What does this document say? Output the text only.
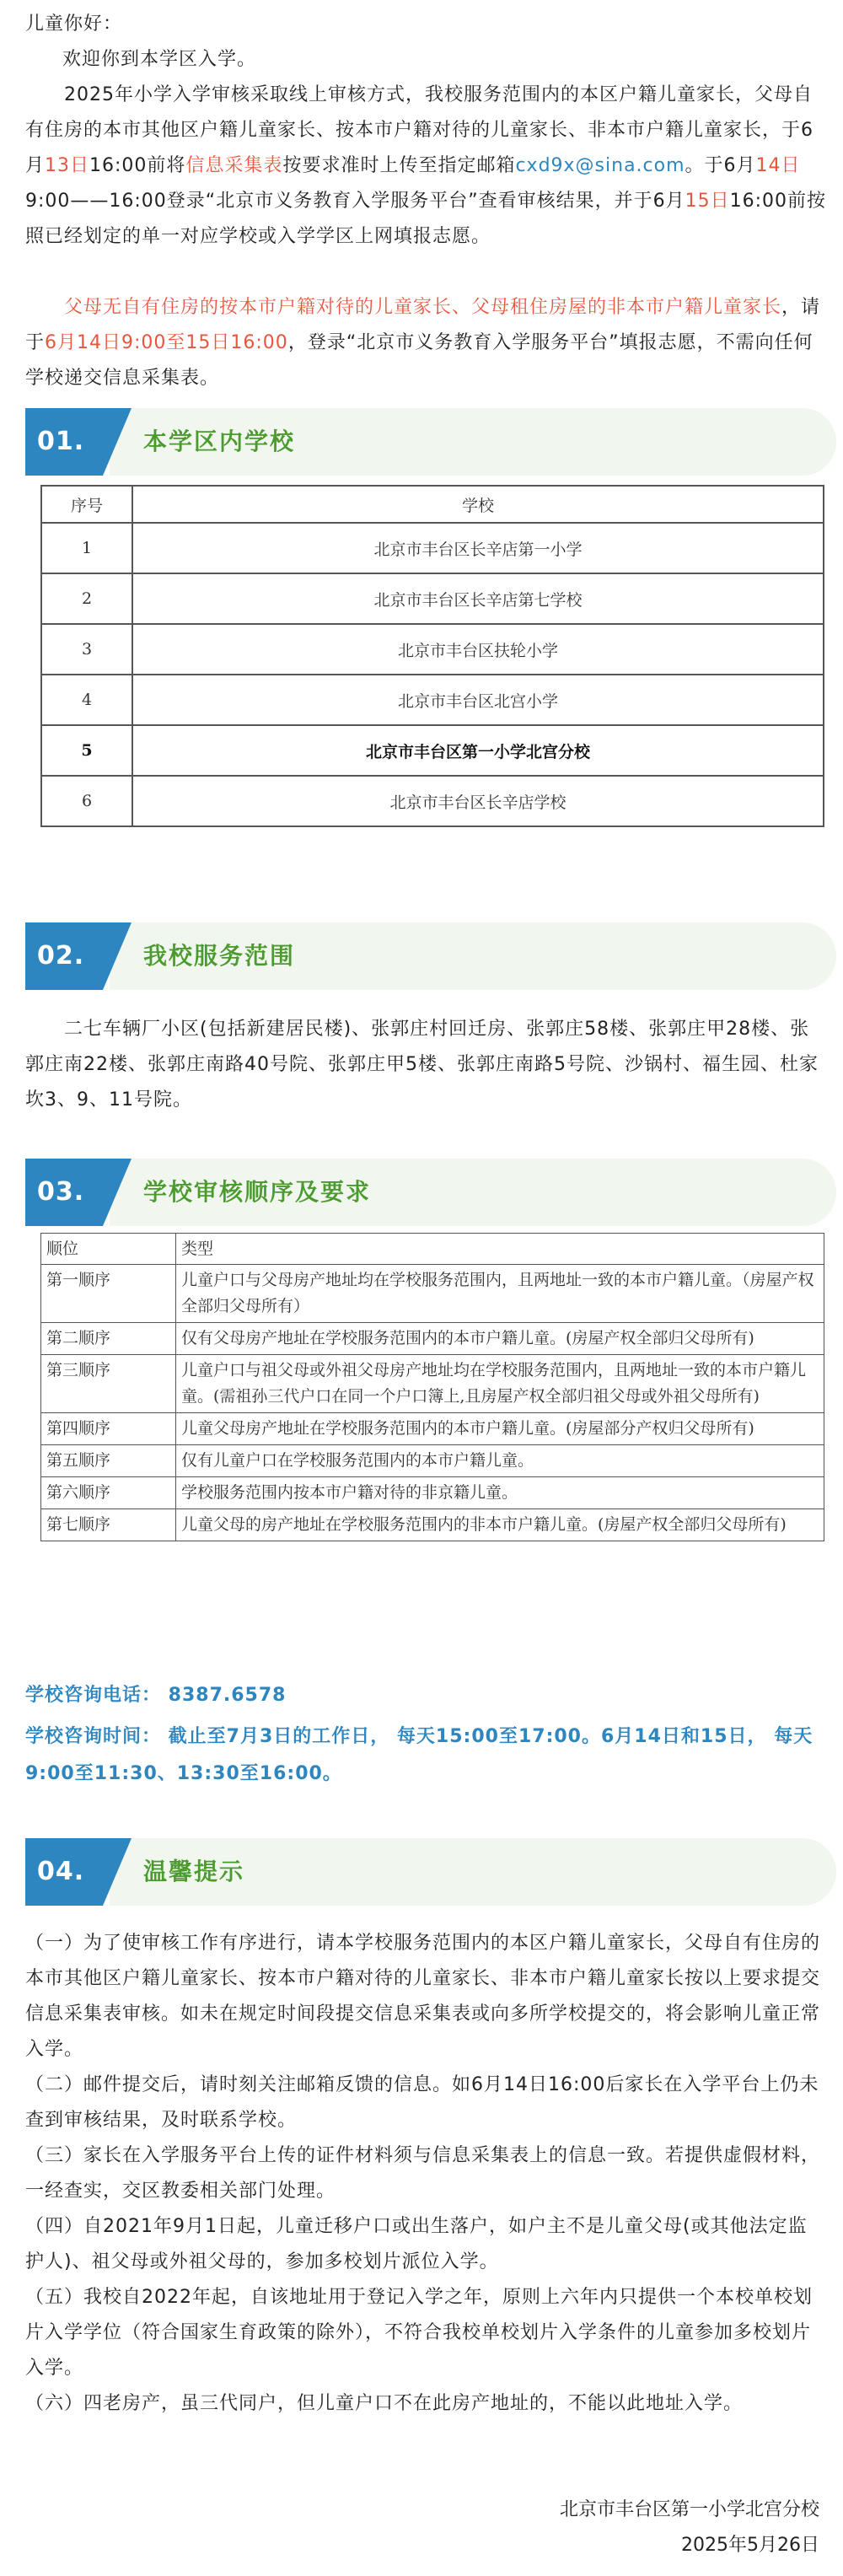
儿童你好：
欢迎你到本学区入学。
2025年小学入学审核采取线上审核方式，我校服务范围内的本区户籍儿童家长，父母自有住房的本市其他区户籍儿童家长、按本市户籍对待的儿童家长、非本市户籍儿童家长，于6月13日16:00前将信息采集表按要求准时上传至指定邮箱cxd9x@sina.com。于6月14日9:00——16:00登录“北京市义务教育入学服务平台”查看审核结果，并于6月15日16:00前按照已经划定的单一对应学校或入学学区上网填报志愿。
父母无自有住房的按本市户籍对待的儿童家长、父母租住房屋的非本市户籍儿童家长，请于6月14日9:00至15日16:00，登录“北京市义务教育入学服务平台”填报志愿，不需向任何学校递交信息采集表。
01.	本学区内学校
序号	学校
1	北京市丰台区长辛店第一小学
2	北京市丰台区长辛店第七学校
3	北京市丰台区扶轮小学
4	北京市丰台区北宫小学
5	北京市丰台区第一小学北宫分校
6	北京市丰台区长辛店学校
02.	我校服务范围
二七车辆厂小区(包括新建居民楼)、张郭庄村回迁房、张郭庄58楼、张郭庄甲28楼、张郭庄南22楼、张郭庄南路40号院、张郭庄甲5楼、张郭庄南路5号院、沙锅村、福生园、杜家坎3、9、11号院。
03.	学校审核顺序及要求
顺位	类型
第一顺序	儿童户口与父母房产地址均在学校服务范围内，且两地址一致的本市户籍儿童。（房屋产权全部归父母所有）
第二顺序	仅有父母房产地址在学校服务范围内的本市户籍儿童。(房屋产权全部归父母所有)
第三顺序	儿童户口与祖父母或外祖父母房产地址均在学校服务范围内，且两地址一致的本市户籍儿童。(需祖孙三代户口在同一个户口簿上,且房屋产权全部归祖父母或外祖父母所有)
第四顺序	儿童父母房产地址在学校服务范围内的本市户籍儿童。(房屋部分产权归父母所有)
第五顺序	仅有儿童户口在学校服务范围内的本市户籍儿童。
第六顺序	学校服务范围内按本市户籍对待的非京籍儿童。
第七顺序	儿童父母的房产地址在学校服务范围内的非本市户籍儿童。(房屋产权全部归父母所有)
学校咨询电话： 8387.6578
学校咨询时间： 截止至7月3日的工作日， 每天15:00至17:00。6月14日和15日， 每天9:00至11:30、13:30至16:00。
04.	温馨提示
（一）为了使审核工作有序进行，请本学校服务范围内的本区户籍儿童家长，父母自有住房的本市其他区户籍儿童家长、按本市户籍对待的儿童家长、非本市户籍儿童家长按以上要求提交信息采集表审核。如未在规定时间段提交信息采集表或向多所学校提交的，将会影响儿童正常入学。
（二）邮件提交后，请时刻关注邮箱反馈的信息。如6月14日16:00后家长在入学平台上仍未查到审核结果，及时联系学校。
（三）家长在入学服务平台上传的证件材料须与信息采集表上的信息一致。若提供虚假材料，一经查实，交区教委相关部门处理。
（四）自2021年9月1日起，儿童迁移户口或出生落户，如户主不是儿童父母(或其他法定监护人)、祖父母或外祖父母的，参加多校划片派位入学。
（五）我校自2022年起，自该地址用于登记入学之年，原则上六年内只提供一个本校单校划片入学学位（符合国家生育政策的除外），不符合我校单校划片入学条件的儿童参加多校划片入学。
（六）四老房产，虽三代同户，但儿童户口不在此房产地址的，不能以此地址入学。
北京市丰台区第一小学北宫分校
2025年5月26日
